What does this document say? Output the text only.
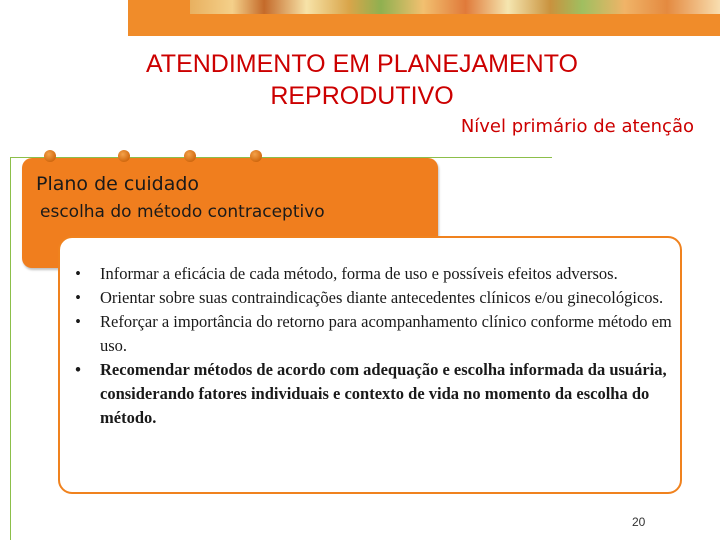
ATENDIMENTO EM PLANEJAMENTO REPRODUTIVO
Nível primário de atenção
Plano de cuidado
escolha do método contraceptivo
• Informar a eficácia de cada método, forma de uso e possíveis efeitos adversos.
• Orientar sobre suas contraindicações diante antecedentes clínicos e/ou ginecológicos.
• Reforçar a importância do retorno para acompanhamento clínico conforme método em uso.
• Recomendar métodos de acordo com adequação e escolha informada da usuária, considerando fatores individuais e contexto de vida no momento da escolha do método.
20
